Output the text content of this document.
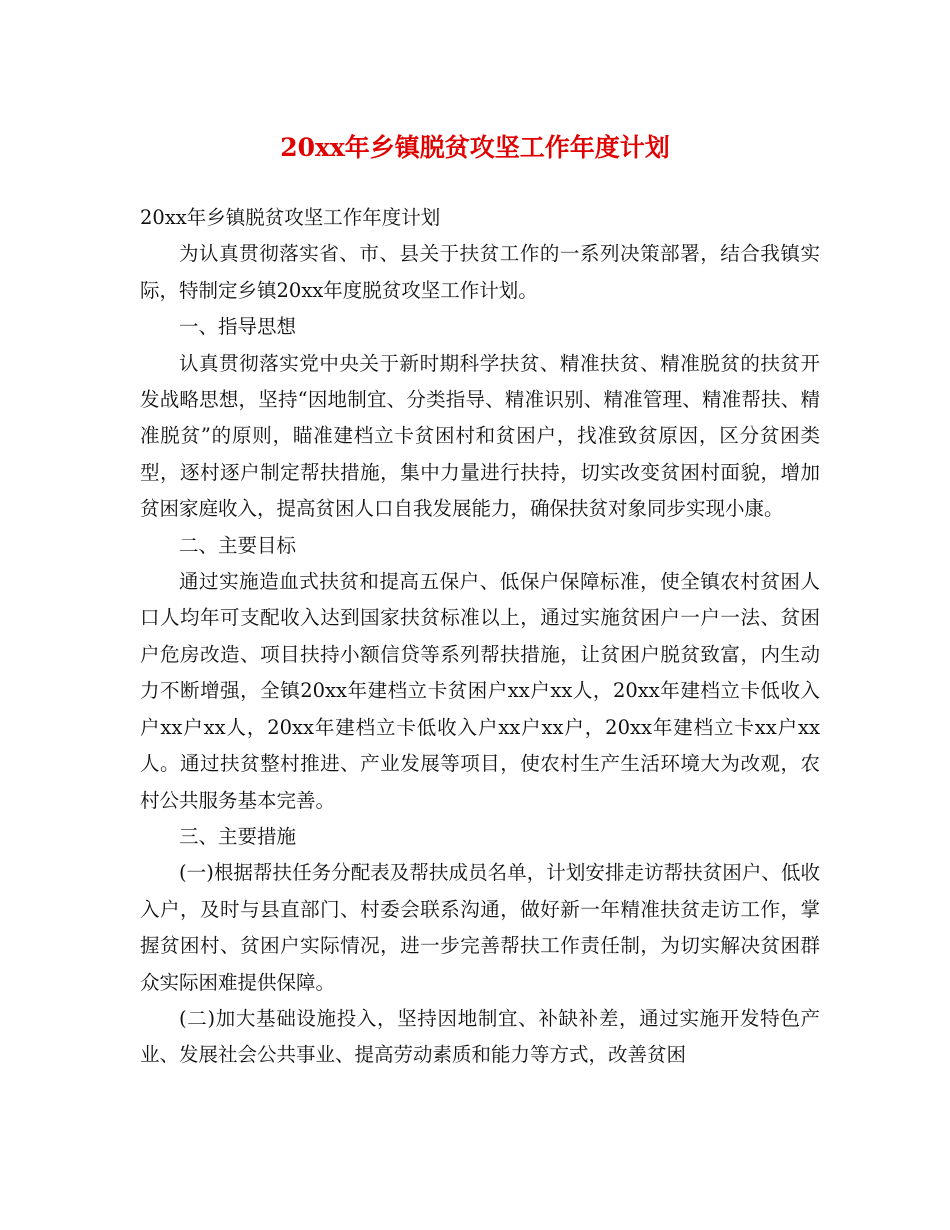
20xx年乡镇脱贫攻坚工作年度计划

20xx年乡镇脱贫攻坚工作年度计划

为认真贯彻落实省、市、县关于扶贫工作的一系列决策部署，结合我镇实际，特制定乡镇20xx年度脱贫攻坚工作计划。

一、指导思想

认真贯彻落实党中央关于新时期科学扶贫、精准扶贫、精准脱贫的扶贫开发战略思想，坚持“因地制宜、分类指导、精准识别、精准管理、精准帮扶、精准脱贫”的原则，瞄准建档立卡贫困村和贫困户，找准致贫原因，区分贫困类型，逐村逐户制定帮扶措施，集中力量进行扶持，切实改变贫困村面貌，增加贫困家庭收入，提高贫困人口自我发展能力，确保扶贫对象同步实现小康。

二、主要目标

通过实施造血式扶贫和提高五保户、低保户保障标准，使全镇农村贫困人口人均年可支配收入达到国家扶贫标准以上，通过实施贫困户一户一法、贫困户危房改造、项目扶持小额信贷等系列帮扶措施，让贫困户脱贫致富，内生动力不断增强，全镇20xx年建档立卡贫困户xx户xx人，20xx年建档立卡低收入户xx户xx人，20xx年建档立卡低收入户xx户xx户，20xx年建档立卡xx户xx人。通过扶贫整村推进、产业发展等项目，使农村生产生活环境大为改观，农村公共服务基本完善。

三、主要措施

(一)根据帮扶任务分配表及帮扶成员名单，计划安排走访帮扶贫困户、低收入户，及时与县直部门、村委会联系沟通，做好新一年精准扶贫走访工作，掌握贫困村、贫困户实际情况，进一步完善帮扶工作责任制，为切实解决贫困群众实际困难提供保障。

(二)加大基础设施投入，坚持因地制宜、补缺补差，通过实施开发特色产业、发展社会公共事业、提高劳动素质和能力等方式，改善贫困
